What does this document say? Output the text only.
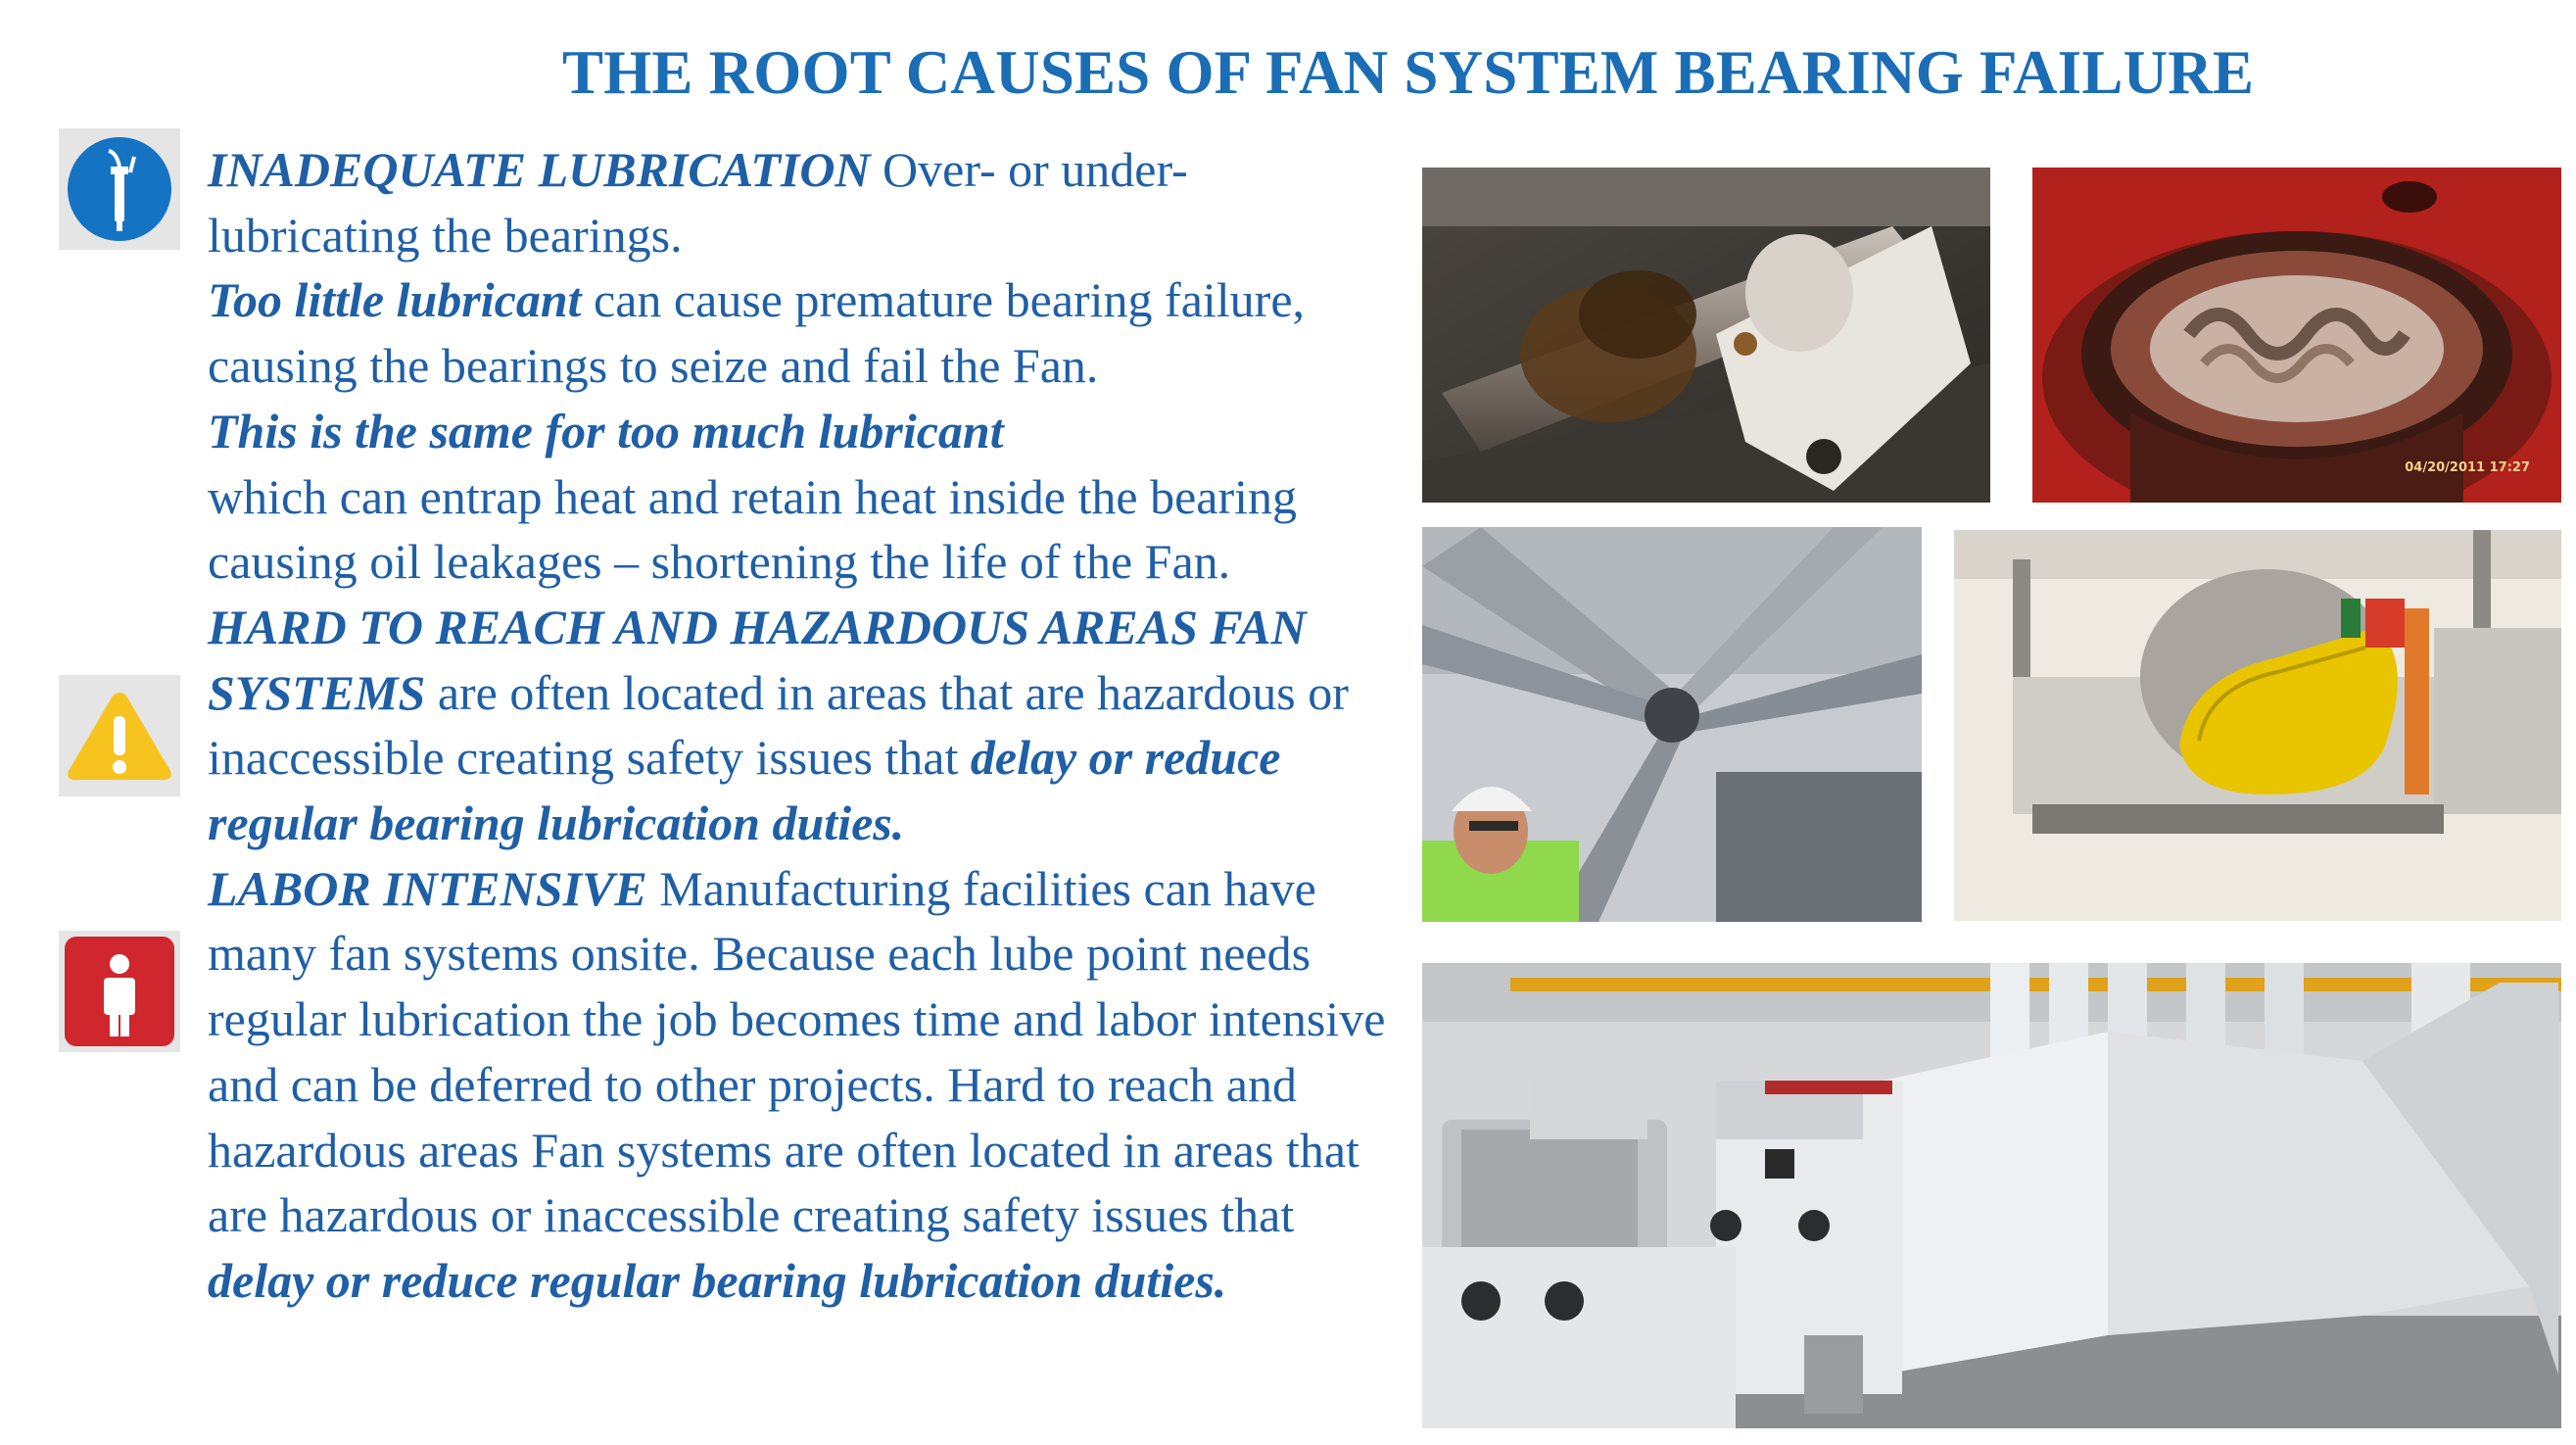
THE ROOT CAUSES OF FAN SYSTEM BEARING FAILURE

INADEQUATE LUBRICATION Over- or under-lubricating the bearings.
Too little lubricant can cause premature bearing failure, causing the bearings to seize and fail the Fan.
This is the same for too much lubricant
which can entrap heat and retain heat inside the bearing causing oil leakages – shortening the life of the Fan.

HARD TO REACH AND HAZARDOUS AREAS FAN SYSTEMS are often located in areas that are hazardous or inaccessible creating safety issues that delay or reduce regular bearing lubrication duties.

LABOR INTENSIVE Manufacturing facilities can have many fan systems onsite. Because each lube point needs regular lubrication the job becomes time and labor intensive and can be deferred to other projects. Hard to reach and hazardous areas Fan systems are often located in areas that are hazardous or inaccessible creating safety issues that delay or reduce regular bearing lubrication duties.

04/20/2011 17:27
